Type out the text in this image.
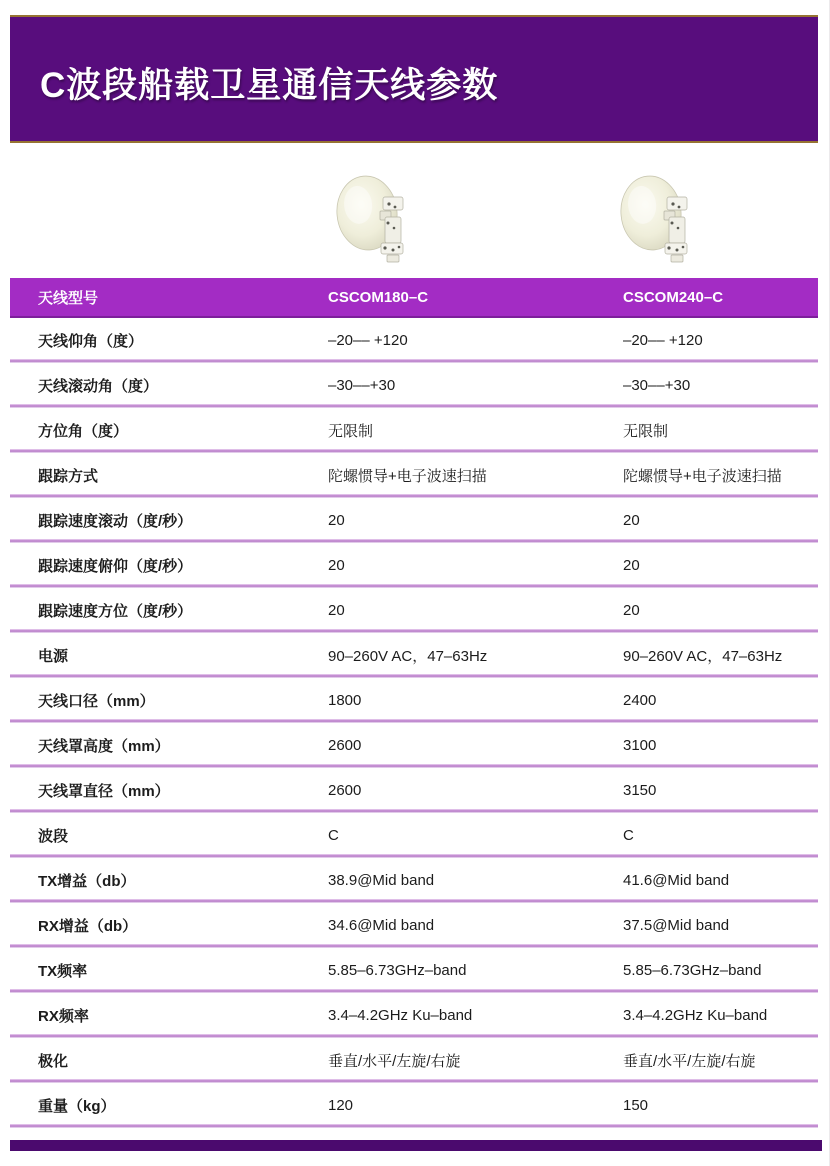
C波段船载卫星通信天线参数
天线型号	CSCOM180–C	CSCOM240–C
天线仰角（度）	–20–– +120	–20–– +120
天线滚动角（度）	–30––+30	–30––+30
方位角（度）	无限制	无限制
跟踪方式	陀螺惯导+电子波速扫描	陀螺惯导+电子波速扫描
跟踪速度滚动（度/秒）	20	20
跟踪速度俯仰（度/秒）	20	20
跟踪速度方位（度/秒）	20	20
电源	90–260V AC，47–63Hz	90–260V AC，47–63Hz
天线口径（mm）	1800	2400
天线罩高度（mm）	2600	3100
天线罩直径（mm）	2600	3150
波段	C	C
TX增益（db）	38.9@Mid band	41.6@Mid band
RX增益（db）	34.6@Mid band	37.5@Mid band
TX频率	5.85–6.73GHz–band	5.85–6.73GHz–band
RX频率	3.4–4.2GHz Ku–band	3.4–4.2GHz Ku–band
极化	垂直/水平/左旋/右旋	垂直/水平/左旋/右旋
重量（kg）	120	150
